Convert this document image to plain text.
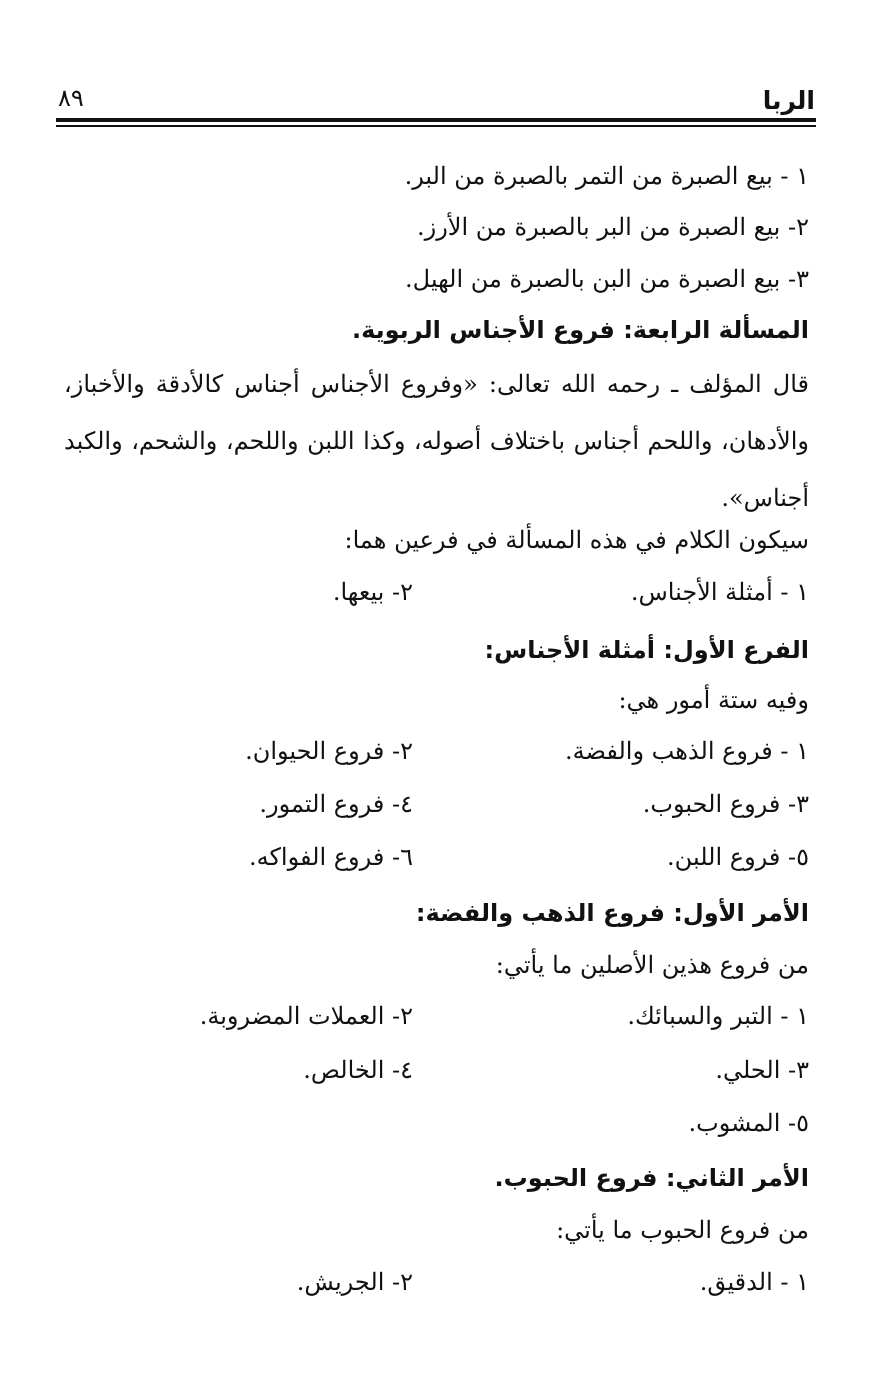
الربا
٨٩
١ - بيع الصبرة من التمر بالصبرة من البر.
٢- بيع الصبرة من البر بالصبرة من الأرز.
٣- بيع الصبرة من البن بالصبرة من الهيل.
المسألة الرابعة: فروع الأجناس الربوية.
قال المؤلف ـ رحمه الله تعالى: «وفروع الأجناس أجناس كالأدقة والأخباز، والأدهان، واللحم أجناس باختلاف أصوله، وكذا اللبن واللحم، والشحم، والكبد أجناس».
سيكون الكلام في هذه المسألة في فرعين هما:
١ - أمثلة الأجناس.
٢- بيعها.
الفرع الأول: أمثلة الأجناس:
وفيه ستة أمور هي:
١ - فروع الذهب والفضة.
٢- فروع الحيوان.
٣- فروع الحبوب.
٤- فروع التمور.
٥- فروع اللبن.
٦- فروع الفواكه.
الأمر الأول: فروع الذهب والفضة:
من فروع هذين الأصلين ما يأتي:
١ - التبر والسبائك.
٢- العملات المضروبة.
٣- الحلي.
٤- الخالص.
٥- المشوب.
الأمر الثاني: فروع الحبوب.
من فروع الحبوب ما يأتي:
١ - الدقيق.
٢- الجريش.
